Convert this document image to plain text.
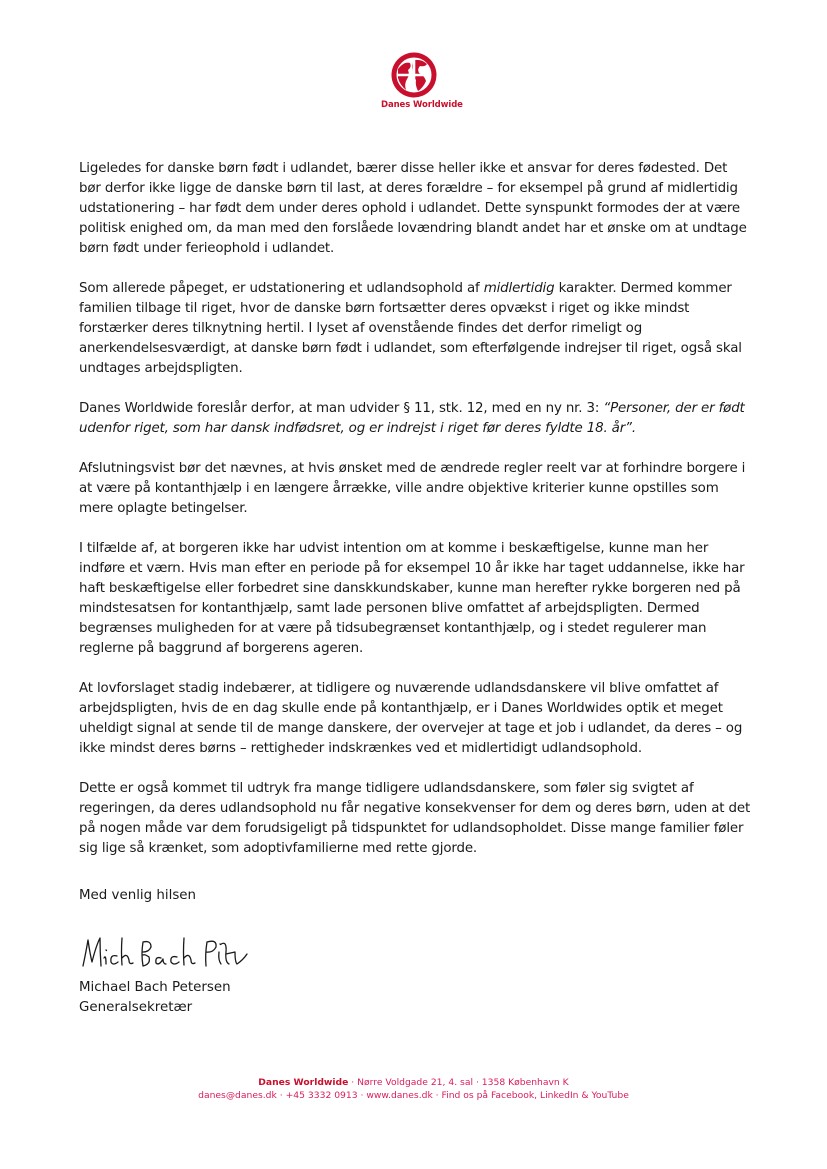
Danes Worldwide

Ligeledes for danske børn født i udlandet, bærer disse heller ikke et ansvar for deres fødested. Det bør derfor ikke ligge de danske børn til last, at deres forældre – for eksempel på grund af midlertidig udstationering – har født dem under deres ophold i udlandet. Dette synspunkt formodes der at være politisk enighed om, da man med den forslåede lovændring blandt andet har et ønske om at undtage børn født under ferieophold i udlandet.

Som allerede påpeget, er udstationering et udlandsophold af midlertidig karakter. Dermed kommer familien tilbage til riget, hvor de danske børn fortsætter deres opvækst i riget og ikke mindst forstærker deres tilknytning hertil. I lyset af ovenstående findes det derfor rimeligt og anerkendelsesværdigt, at danske børn født i udlandet, som efterfølgende indrejser til riget, også skal undtages arbejdspligten.

Danes Worldwide foreslår derfor, at man udvider § 11, stk. 12, med en ny nr. 3: “Personer, der er født udenfor riget, som har dansk indfødsret, og er indrejst i riget før deres fyldte 18. år”.

Afslutningsvist bør det nævnes, at hvis ønsket med de ændrede regler reelt var at forhindre borgere i at være på kontanthjælp i en længere årrække, ville andre objektive kriterier kunne opstilles som mere oplagte betingelser.

I tilfælde af, at borgeren ikke har udvist intention om at komme i beskæftigelse, kunne man her indføre et værn. Hvis man efter en periode på for eksempel 10 år ikke har taget uddannelse, ikke har haft beskæftigelse eller forbedret sine danskkundskaber, kunne man herefter rykke borgeren ned på mindstesatsen for kontanthjælp, samt lade personen blive omfattet af arbejdspligten. Dermed begrænses muligheden for at være på tidsubegrænset kontanthjælp, og i stedet regulerer man reglerne på baggrund af borgerens ageren.

At lovforslaget stadig indebærer, at tidligere og nuværende udlandsdanskere vil blive omfattet af arbejdspligten, hvis de en dag skulle ende på kontanthjælp, er i Danes Worldwides optik et meget uheldigt signal at sende til de mange danskere, der overvejer at tage et job i udlandet, da deres – og ikke mindst deres børns – rettigheder indskrænkes ved et midlertidigt udlandsophold.

Dette er også kommet til udtryk fra mange tidligere udlandsdanskere, som føler sig svigtet af regeringen, da deres udlandsophold nu får negative konsekvenser for dem og deres børn, uden at det på nogen måde var dem forudsigeligt på tidspunktet for udlandsopholdet. Disse mange familier føler sig lige så krænket, som adoptivfamilierne med rette gjorde.

Med venlig hilsen
Michael Bach Petersen
Generalsekretær
Danes Worldwide · Nørre Voldgade 21, 4. sal · 1358 København K
danes@danes.dk · +45 3332 0913 · www.danes.dk · Find os på Facebook, LinkedIn & YouTube
